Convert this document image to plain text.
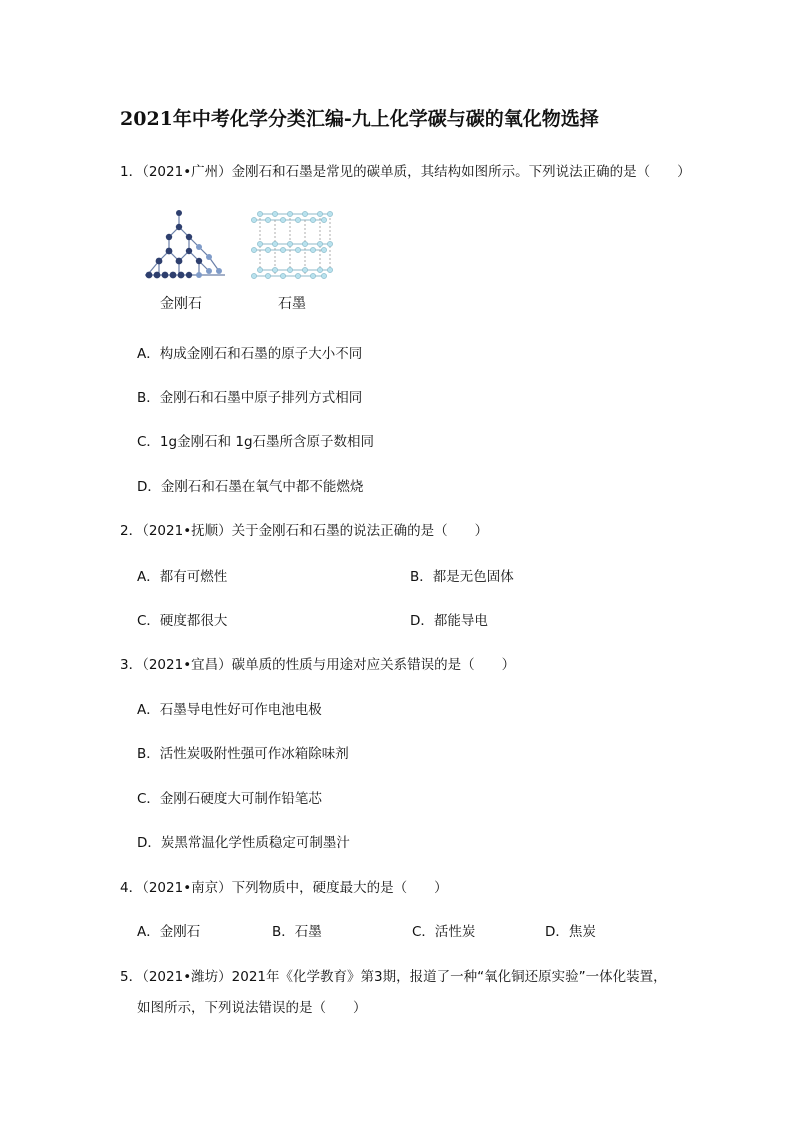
2021年中考化学分类汇编-九上化学碳与碳的氧化物选择
1．（2021•广州）金刚石和石墨是常见的碳单质，其结构如图所示。下列说法正确的是（　　）
金刚石	石墨
A．构成金刚石和石墨的原子大小不同
B．金刚石和石墨中原子排列方式相同
C．1g金刚石和 1g石墨所含原子数相同
D．金刚石和石墨在氧气中都不能燃烧
2．（2021•抚顺）关于金刚石和石墨的说法正确的是（　　）
A．都有可燃性	B．都是无色固体
C．硬度都很大	D．都能导电
3．（2021•宜昌）碳单质的性质与用途对应关系错误的是（　　）
A．石墨导电性好可作电池电极
B．活性炭吸附性强可作冰箱除味剂
C．金刚石硬度大可制作铅笔芯
D．炭黑常温化学性质稳定可制墨汁
4．（2021•南京）下列物质中，硬度最大的是（　　）
A．金刚石	B．石墨	C．活性炭	D．焦炭
5．（2021•潍坊）2021年《化学教育》第3期，报道了一种“氧化铜还原实验”一体化装置，
如图所示，下列说法错误的是（　　）
